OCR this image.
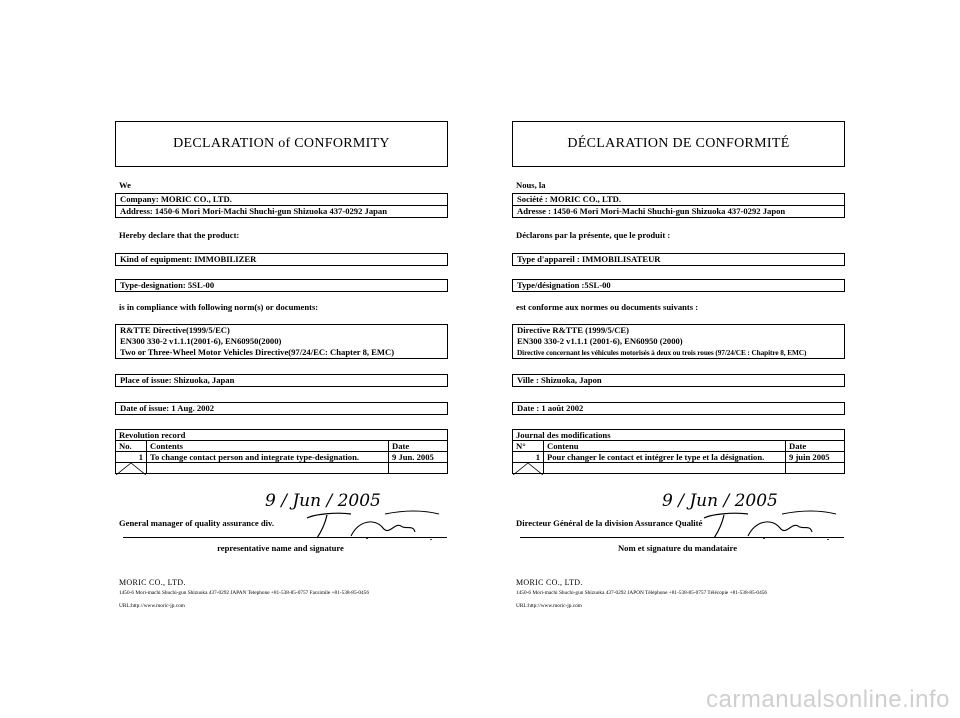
DECLARATION of CONFORMITY
We
Company: MORIC CO., LTD.
Address: 1450-6 Mori Mori-Machi Shuchi-gun Shizuoka 437-0292 Japan
Hereby declare that the product:
Kind of equipment: IMMOBILIZER
Type-designation: 5SL-00
is in compliance with following norm(s) or documents:
R&TTE Directive(1999/5/EC)
EN300 330-2 v1.1.1(2001-6), EN60950(2000)
Two or Three-Wheel Motor Vehicles Directive(97/24/EC: Chapter 8, EMC)
Place of issue: Shizuoka, Japan
Date of issue: 1 Aug. 2002
Revolution record		
No.	Contents	Date
1	To change contact person and integrate type-designation.	9 Jun. 2005

9 / Jun / 2005
General manager of quality assurance div.
representative name and signature
MORIC CO., LTD.
1450-6 Mori-machi Shuchi-gun Shizuoka 437-0292 JAPAN Telephone +81-538-85-0757 Facsimile +81-538-85-0456
URL:http://www.moric-jp.com
DÉCLARATION DE CONFORMITÉ
Nous, la
Société : MORIC CO., LTD.
Adresse : 1450-6 Mori Mori-Machi Shuchi-gun Shizuoka 437-0292 Japon
Déclarons par la présente, que le produit :
Type d'appareil : IMMOBILISATEUR
Type/désignation :5SL-00
est conforme aux normes ou documents suivants :
Directive R&TTE (1999/5/CE)
EN300 330-2 v1.1.1 (2001-6), EN60950 (2000)
Directive concernant les véhicules motorisés à deux ou trois roues (97/24/CE : Chapitre 8, EMC)
Ville : Shizuoka, Japon
Date : 1 août 2002
Journal des modifications		
N°	Contenu	Date
1	Pour changer le contact et intégrer le type et la désignation.	9 juin 2005

9 / Jun / 2005
Directeur Général de la division Assurance Qualité
Nom et signature du mandataire
MORIC CO., LTD.
1450-6 Mori-machi Shuchi-gun Shizuoka 437-0292 JAPON Téléphone +81-538-85-0757 Télécopie +81-538-85-0456
URL:http://www.moric-jp.com
carmanualsonline.info
